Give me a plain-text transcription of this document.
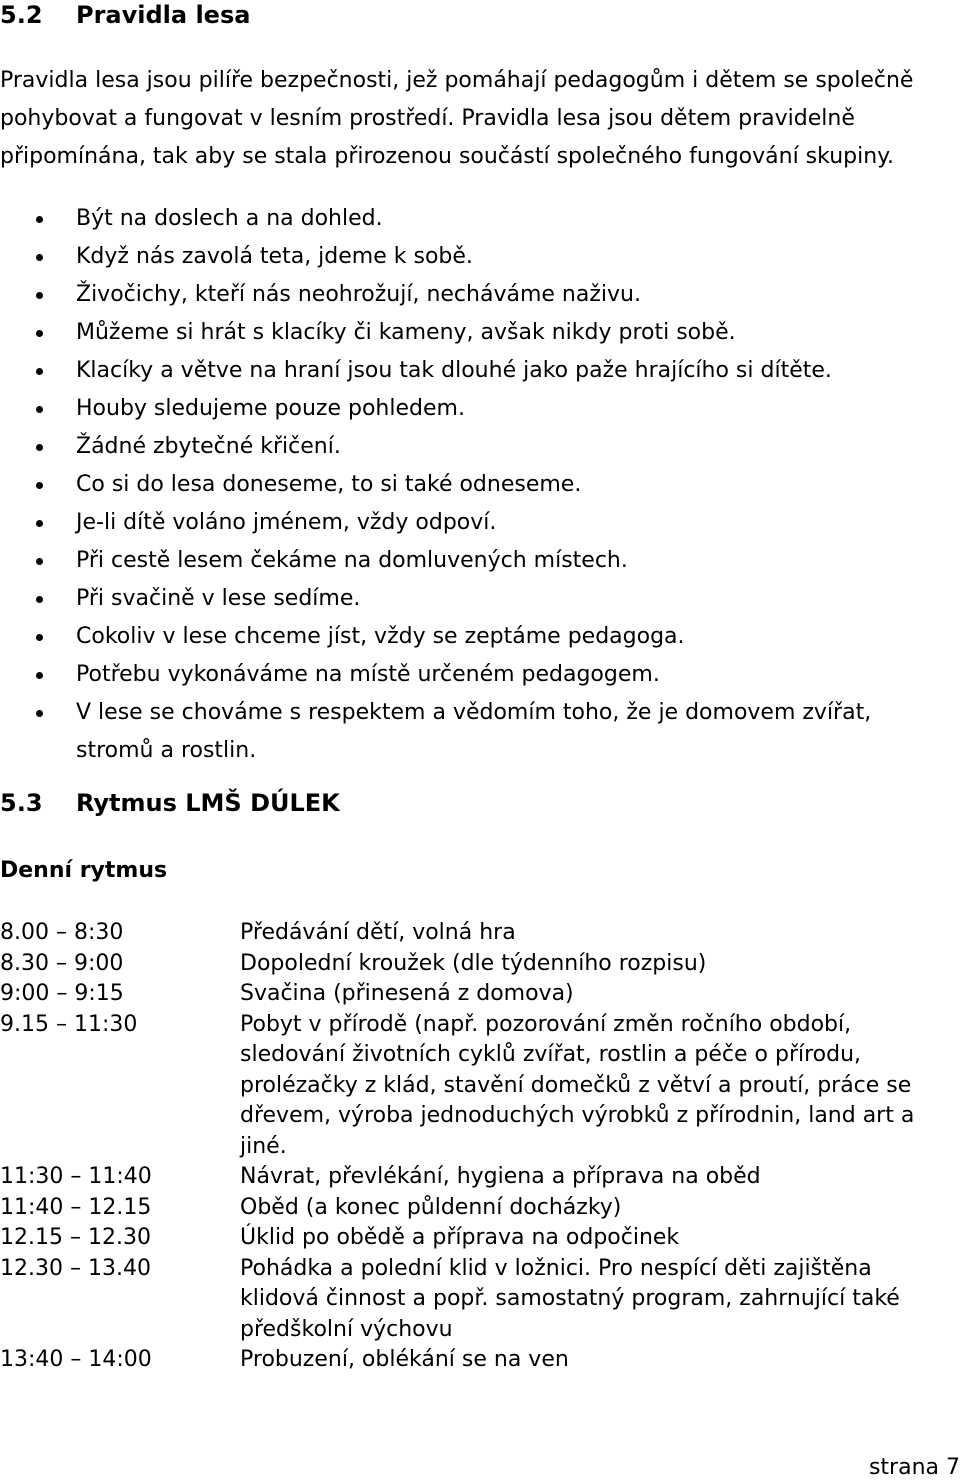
5.2 Pravidla lesa

Pravidla lesa jsou pilíře bezpečnosti, jež pomáhají pedagogům i dětem se společně pohybovat a fungovat v lesním prostředí. Pravidla lesa jsou dětem pravidelně připomínána, tak aby se stala přirozenou součástí společného fungování skupiny.

Být na doslech a na dohled.
Když nás zavolá teta, jdeme k sobě.
Živočichy, kteří nás neohrožují, necháváme naživu.
Můžeme si hrát s klacíky či kameny, avšak nikdy proti sobě.
Klacíky a větve na hraní jsou tak dlouhé jako paže hrajícího si dítěte.
Houby sledujeme pouze pohledem.
Žádné zbytečné křičení.
Co si do lesa doneseme, to si také odneseme.
Je-li dítě voláno jménem, vždy odpoví.
Při cestě lesem čekáme na domluvených místech.
Při svačině v lese sedíme.
Cokoliv v lese chceme jíst, vždy se zeptáme pedagoga.
Potřebu vykonáváme na místě určeném pedagogem.
V lese se chováme s respektem a vědomím toho, že je domovem zvířat, stromů a rostlin.
5.3 Rytmus LMŠ DÚLEK
Denní rytmus
8.00 – 8:30	Předávání dětí, volná hra
8.30 – 9:00	Dopolední kroužek (dle týdenního rozpisu)
9:00 – 9:15	Svačina (přinesená z domova)
9.15 – 11:30	Pobyt v přírodě (např. pozorování změn ročního období, sledování životních cyklů zvířat, rostlin a péče o přírodu, prolézačky z klád, stavění domečků z větví a proutí, práce se dřevem, výroba jednoduchých výrobků z přírodnin, land art a jiné.
11:30 – 11:40	Návrat, převlékání, hygiena a příprava na oběd
11:40 – 12.15	Oběd (a konec půldenní docházky)
12.15 – 12.30	Úklid po obědě a příprava na odpočinek
12.30 – 13.40	Pohádka a polední klid v ložnici. Pro nespící děti zajištěna klidová činnost a popř. samostatný program, zahrnující také předškolní výchovu
13:40 – 14:00	Probuzení, oblékání se na ven
strana 7
